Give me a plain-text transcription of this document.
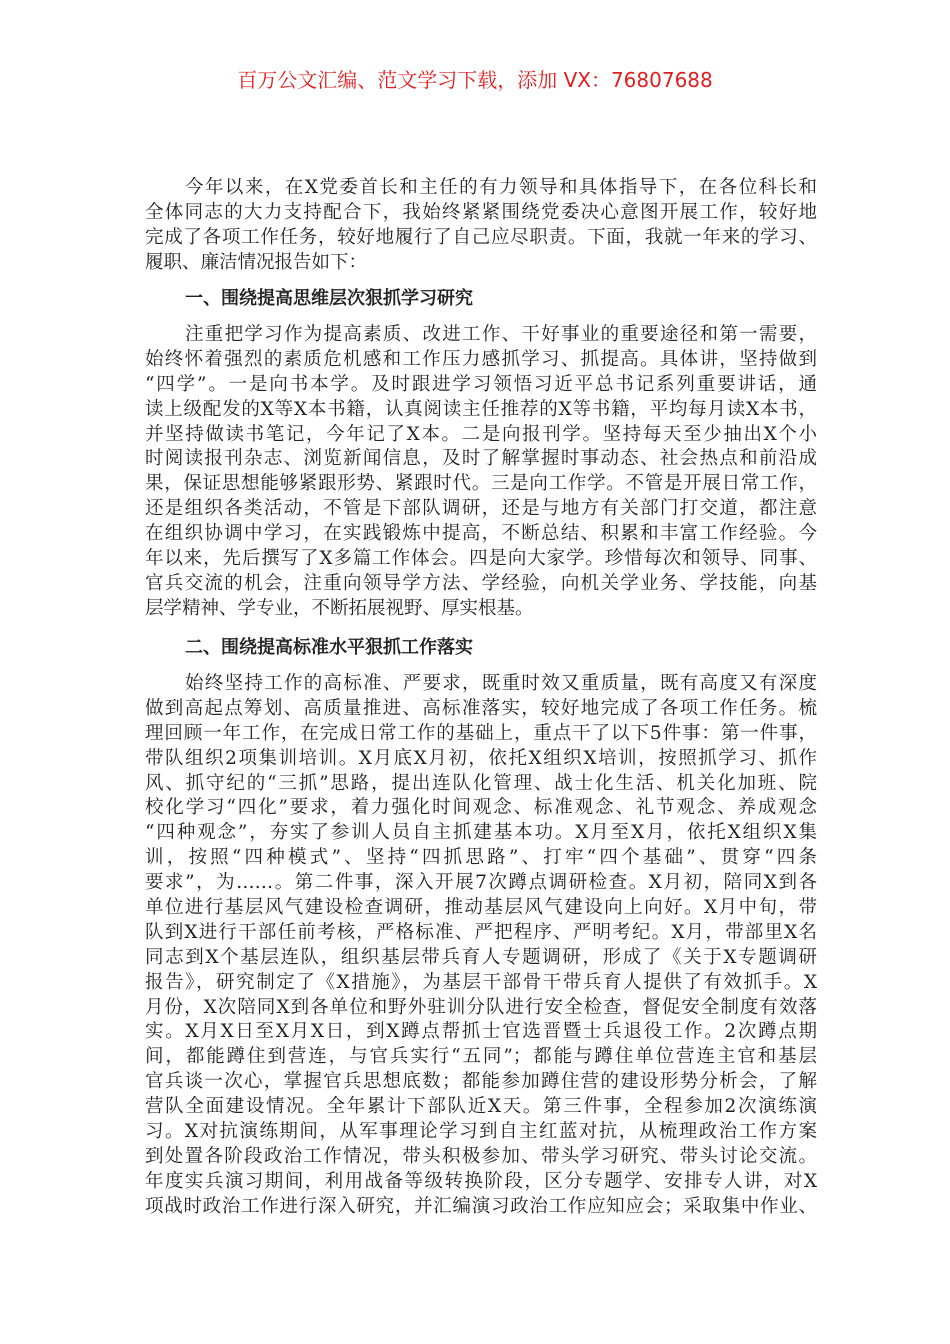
百万公文汇编、范文学习下载，添加 VX：76807688
今年以来，在X党委首长和主任的有力领导和具体指导下，在各位科长和
全体同志的大力支持配合下，我始终紧紧围绕党委决心意图开展工作，较好地
完成了各项工作任务，较好地履行了自己应尽职责。下面，我就一年来的学习、
履职、廉洁情况报告如下：
一、围绕提高思维层次狠抓学习研究
注重把学习作为提高素质、改进工作、干好事业的重要途径和第一需要，
始终怀着强烈的素质危机感和工作压力感抓学习、抓提高。具体讲，坚持做到
“四学”。一是向书本学。及时跟进学习领悟习近平总书记系列重要讲话，通
读上级配发的X等X本书籍，认真阅读主任推荐的X等书籍，平均每月读X本书，
并坚持做读书笔记，今年记了X本。二是向报刊学。坚持每天至少抽出X个小
时阅读报刊杂志、浏览新闻信息，及时了解掌握时事动态、社会热点和前沿成
果，保证思想能够紧跟形势、紧跟时代。三是向工作学。不管是开展日常工作，
还是组织各类活动，不管是下部队调研，还是与地方有关部门打交道，都注意
在组织协调中学习，在实践锻炼中提高，不断总结、积累和丰富工作经验。今
年以来，先后撰写了X多篇工作体会。四是向大家学。珍惜每次和领导、同事、
官兵交流的机会，注重向领导学方法、学经验，向机关学业务、学技能，向基
层学精神、学专业，不断拓展视野、厚实根基。
二、围绕提高标准水平狠抓工作落实
始终坚持工作的高标准、严要求，既重时效又重质量，既有高度又有深度
做到高起点筹划、高质量推进、高标准落实，较好地完成了各项工作任务。梳
理回顾一年工作，在完成日常工作的基础上，重点干了以下5件事：第一件事，
带队组织2项集训培训。X月底X月初，依托X组织X培训，按照抓学习、抓作
风、抓守纪的“三抓”思路，提出连队化管理、战士化生活、机关化加班、院
校化学习“四化”要求，着力强化时间观念、标准观念、礼节观念、养成观念
“四种观念”，夯实了参训人员自主抓建基本功。X月至X月，依托X组织X集
训，按照“四种模式”、坚持“四抓思路”、打牢“四个基础”、贯穿“四条
要求”，为……。第二件事，深入开展7次蹲点调研检查。X月初，陪同X到各
单位进行基层风气建设检查调研，推动基层风气建设向上向好。X月中旬，带
队到X进行干部任前考核，严格标准、严把程序、严明考纪。X月，带部里X名
同志到X个基层连队，组织基层带兵育人专题调研，形成了《关于X专题调研
报告》，研究制定了《X措施》，为基层干部骨干带兵育人提供了有效抓手。X
月份，X次陪同X到各单位和野外驻训分队进行安全检查，督促安全制度有效落
实。X月X日至X月X日，到X蹲点帮抓士官选晋暨士兵退役工作。2次蹲点期
间，都能蹲住到营连，与官兵实行“五同”；都能与蹲住单位营连主官和基层
官兵谈一次心，掌握官兵思想底数；都能参加蹲住营的建设形势分析会，了解
营队全面建设情况。全年累计下部队近X天。第三件事，全程参加2次演练演
习。X对抗演练期间，从军事理论学习到自主红蓝对抗，从梳理政治工作方案
到处置各阶段政治工作情况，带头积极参加、带头学习研究、带头讨论交流。
年度实兵演习期间，利用战备等级转换阶段，区分专题学、安排专人讲，对X
项战时政治工作进行深入研究，并汇编演习政治工作应知应会；采取集中作业、
